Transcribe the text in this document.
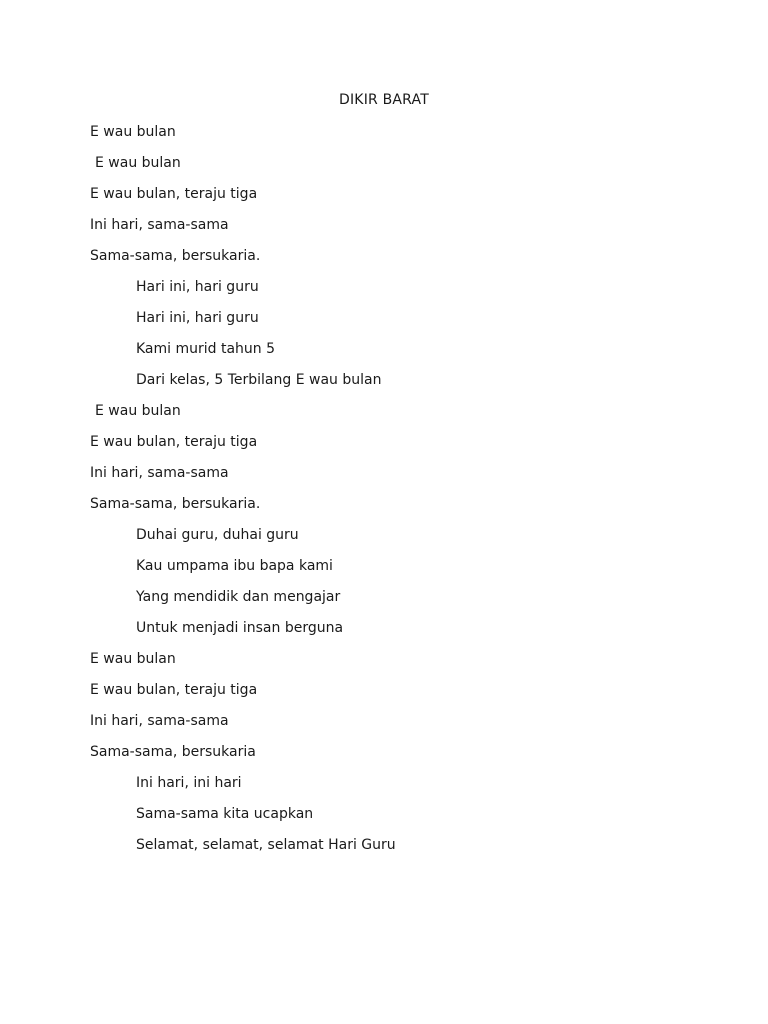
DIKIR BARAT
E wau bulan
E wau bulan
E wau bulan, teraju tiga
Ini hari, sama-sama
Sama-sama, bersukaria.
Hari ini, hari guru
Hari ini, hari guru
Kami murid tahun 5
Dari kelas, 5 Terbilang E wau bulan
E wau bulan
E wau bulan, teraju tiga
Ini hari, sama-sama
Sama-sama, bersukaria.
Duhai guru, duhai guru
Kau umpama ibu bapa kami
Yang mendidik dan mengajar
Untuk menjadi insan berguna
E wau bulan
E wau bulan, teraju tiga
Ini hari, sama-sama
Sama-sama, bersukaria
Ini hari, ini hari
Sama-sama kita ucapkan
Selamat, selamat, selamat Hari Guru
